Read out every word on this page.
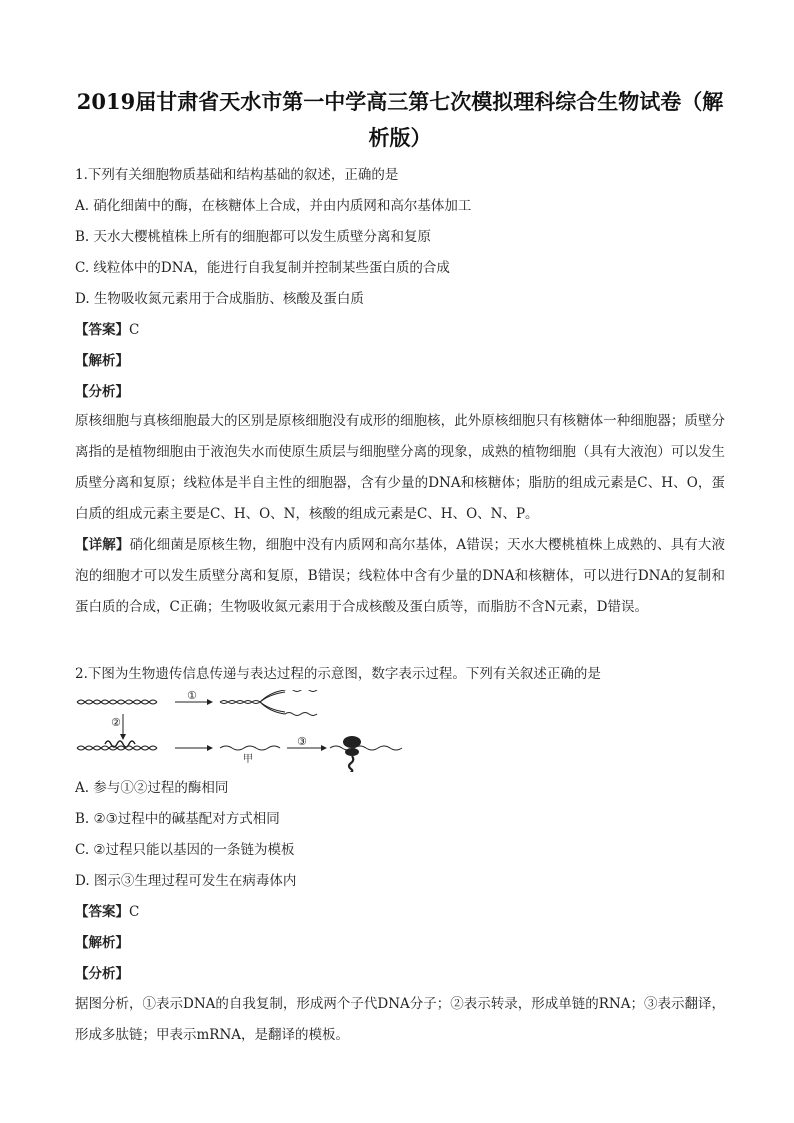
2019届甘肃省天水市第一中学高三第七次模拟理科综合生物试卷（解析版）
1.下列有关细胞物质基础和结构基础的叙述，正确的是
A. 硝化细菌中的酶，在核糖体上合成，并由内质网和高尔基体加工
B. 天水大樱桃植株上所有的细胞都可以发生质壁分离和复原
C. 线粒体中的DNA，能进行自我复制并控制某些蛋白质的合成
D. 生物吸收氮元素用于合成脂肪、核酸及蛋白质
【答案】C
【解析】
【分析】
原核细胞与真核细胞最大的区别是原核细胞没有成形的细胞核，此外原核细胞只有核糖体一种细胞器；质壁分离指的是植物细胞由于液泡失水而使原生质层与细胞壁分离的现象，成熟的植物细胞（具有大液泡）可以发生质壁分离和复原；线粒体是半自主性的细胞器，含有少量的DNA和核糖体；脂肪的组成元素是C、H、O，蛋白质的组成元素主要是C、H、O、N，核酸的组成元素是C、H、O、N、P。
【详解】硝化细菌是原核生物，细胞中没有内质网和高尔基体，A错误；天水大樱桃植株上成熟的、具有大液泡的细胞才可以发生质壁分离和复原，B错误；线粒体中含有少量的DNA和核糖体，可以进行DNA的复制和蛋白质的合成，C正确；生物吸收氮元素用于合成核酸及蛋白质等，而脂肪不含N元素，D错误。
2.下图为生物遗传信息传递与表达过程的示意图，数字表示过程。下列有关叙述正确的是
①
②
甲
③
A. 参与①②过程的酶相同
B. ②③过程中的碱基配对方式相同
C. ②过程只能以基因的一条链为模板
D. 图示③生理过程可发生在病毒体内
【答案】C
【解析】
【分析】
据图分析，①表示DNA的自我复制，形成两个子代DNA分子；②表示转录，形成单链的RNA；③表示翻译，形成多肽链；甲表示mRNA，是翻译的模板。
